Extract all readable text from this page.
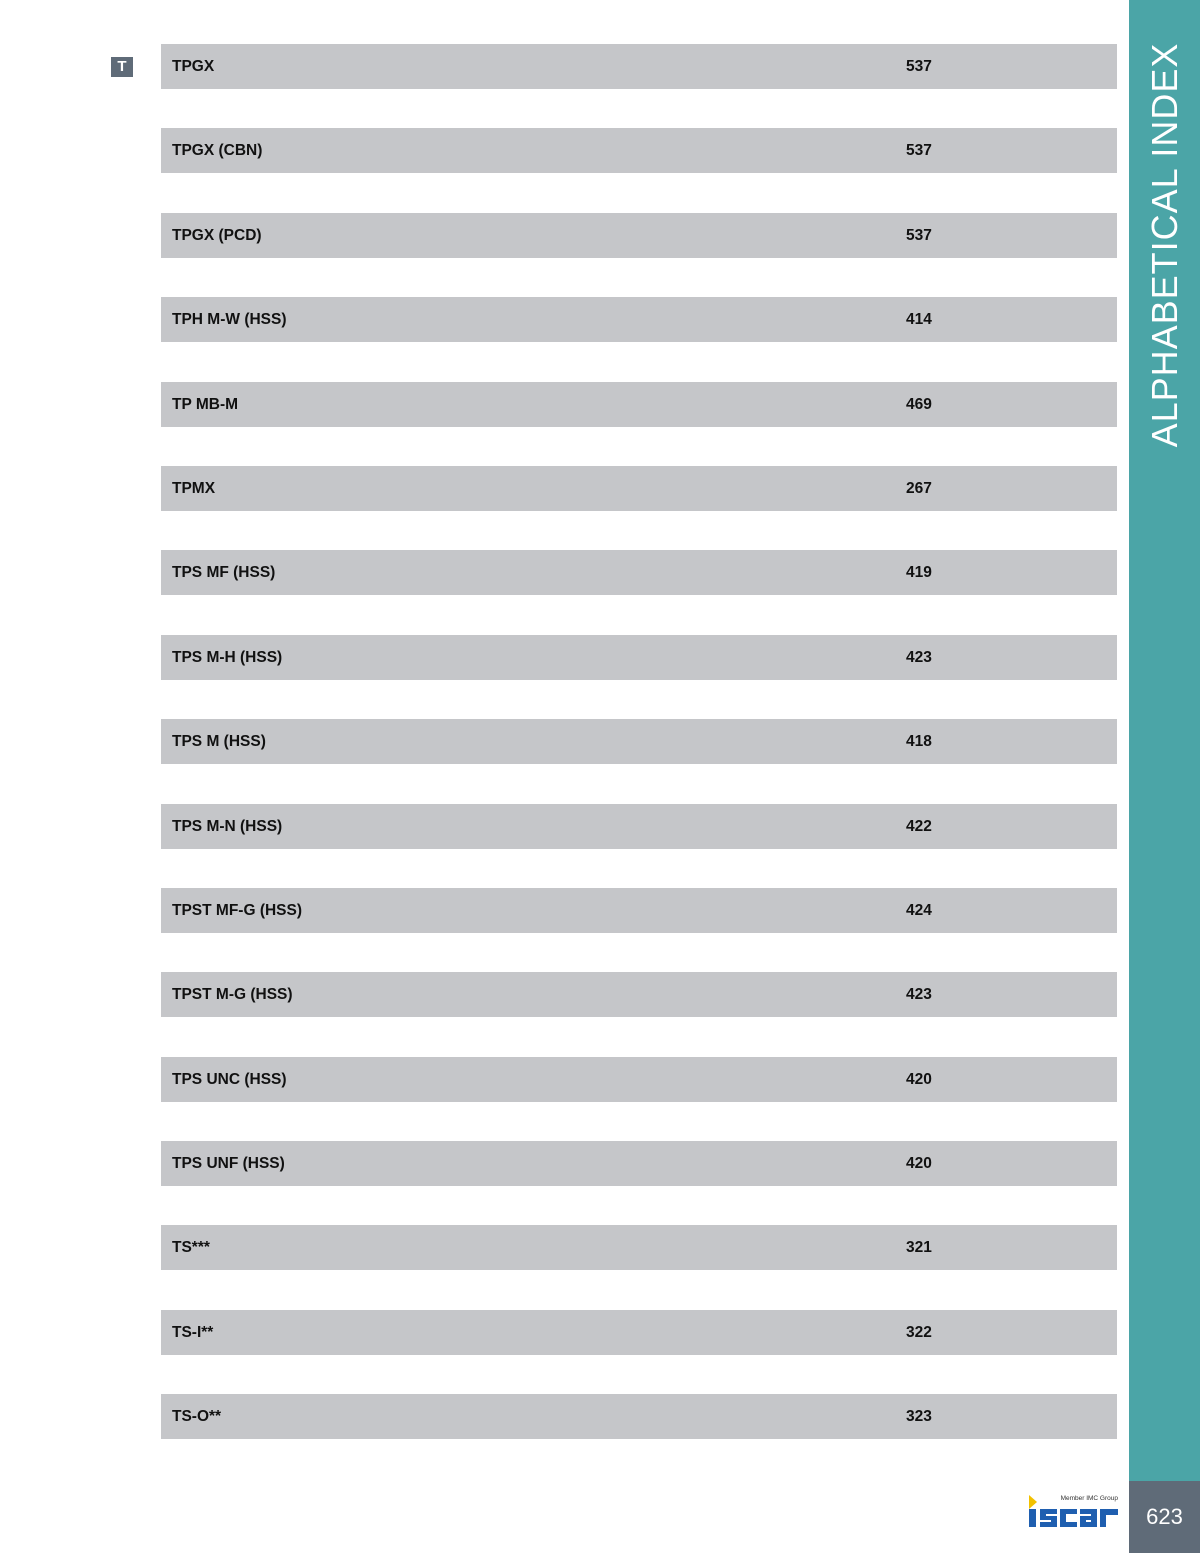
T	TPGX	537
TPGX (CBN)	537
TPGX (PCD)	537
TPH M-W (HSS)	414
TP MB-M	469
TPMX	267
TPS MF (HSS)	419
TPS M-H (HSS)	423
TPS M (HSS)	418
TPS M-N (HSS)	422
TPST MF-G (HSS)	424
TPST M-G (HSS)	423
TPS UNC (HSS)	420
TPS UNF (HSS)	420
TS***	321
TS-I**	322
TS-O**	323
ALPHABETICAL INDEX
623
Member IMC Group
